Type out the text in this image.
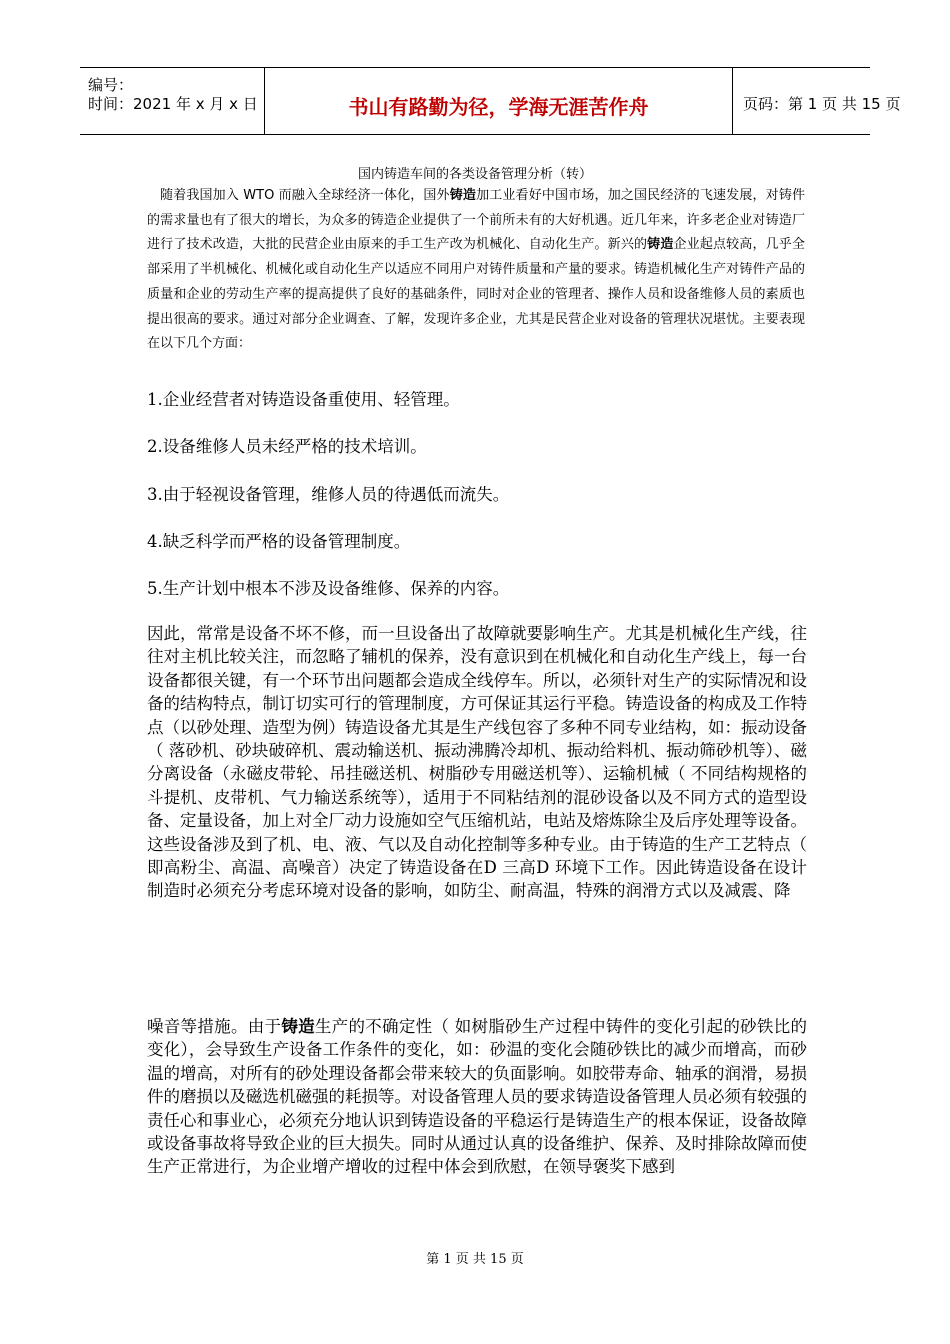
编号：
时间：2021 年 x 月 x 日	书山有路勤为径，学海无涯苦作舟	页码：第 1 页 共 15 页
国内铸造车间的各类设备管理分析（转）

随着我国加入 WTO 而融入全球经济一体化，国外铸造加工业看好中国市场，加之国民经济的飞速发展，对铸件的需求量也有了很大的增长，为众多的铸造企业提供了一个前所未有的大好机遇。近几年来，许多老企业对铸造厂进行了技术改造，大批的民营企业由原来的手工生产改为机械化、自动化生产。新兴的铸造企业起点较高，几乎全部采用了半机械化、机械化或自动化生产以适应不同用户对铸件质量和产量的要求。铸造机械化生产对铸件产品的质量和企业的劳动生产率的提高提供了良好的基础条件，同时对企业的管理者、操作人员和设备维修人员的素质也提出很高的要求。通过对部分企业调查、了解，发现许多企业，尤其是民营企业对设备的管理状况堪忧。主要表现在以下几个方面：

1.企业经营者对铸造设备重使用、轻管理。
2.设备维修人员未经严格的技术培训。
3.由于轻视设备管理，维修人员的待遇低而流失。
4.缺乏科学而严格的设备管理制度。
5.生产计划中根本不涉及设备维修、保养的内容。

因此，常常是设备不坏不修，而一旦设备出了故障就要影响生产。尤其是机械化生产线，往往对主机比较关注，而忽略了辅机的保养，没有意识到在机械化和自动化生产线上，每一台设备都很关键，有一个环节出问题都会造成全线停车。所以，必须针对生产的实际情况和设备的结构特点，制订切实可行的管理制度，方可保证其运行平稳。铸造设备的构成及工作特点（以砂处理、造型为例）铸造设备尤其是生产线包容了多种不同专业结构，如：振动设备（ 落砂机、砂块破碎机、震动输送机、振动沸腾冷却机、振动给料机、振动筛砂机等）、磁分离设备（永磁皮带轮、吊挂磁送机、树脂砂专用磁送机等）、运输机械（ 不同结构规格的斗提机、皮带机、气力输送系统等），适用于不同粘结剂的混砂设备以及不同方式的造型设备、定量设备，加上对全厂动力设施如空气压缩机站，电站及熔炼除尘及后序处理等设备。这些设备涉及到了机、电、液、气以及自动化控制等多种专业。由于铸造的生产工艺特点（ 即高粉尘、高温、高噪音）决定了铸造设备在D 三高D 环境下工作。因此铸造设备在设计制造时必须充分考虑环境对设备的影响，如防尘、耐高温，特殊的润滑方式以及减震、降

噪音等措施。由于铸造生产的不确定性（ 如树脂砂生产过程中铸件的变化引起的砂铁比的变化），会导致生产设备工作条件的变化，如：砂温的变化会随砂铁比的减少而增高，而砂温的增高，对所有的砂处理设备都会带来较大的负面影响。如胶带寿命、轴承的润滑，易损件的磨损以及磁选机磁强的耗损等。对设备管理人员的要求铸造设备管理人员必须有较强的责任心和事业心，必须充分地认识到铸造设备的平稳运行是铸造生产的根本保证，设备故障或设备事故将导致企业的巨大损失。同时从通过认真的设备维护、保养、及时排除故障而使生产正常进行，为企业增产增收的过程中体会到欣慰，在领导褒奖下感到

第 1 页 共 15 页
